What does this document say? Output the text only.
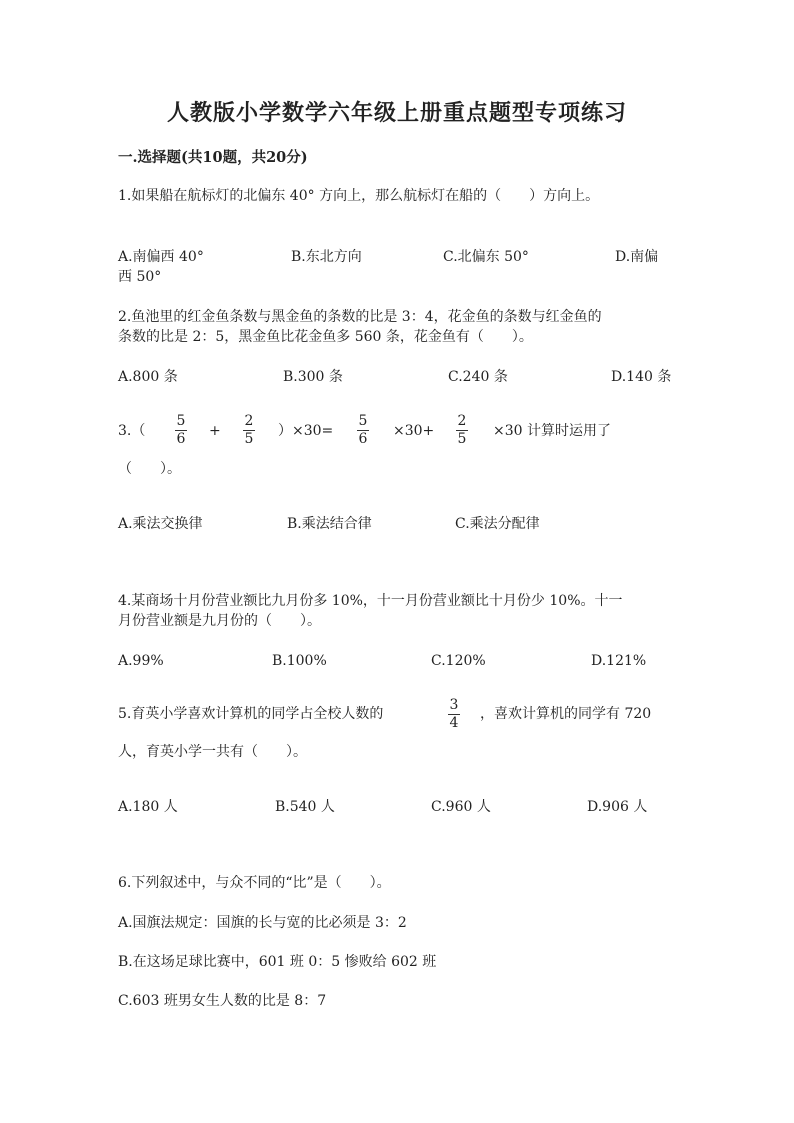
人教版小学数学六年级上册重点题型专项练习
一.选择题(共10题，共20分)
1.如果船在航标灯的北偏东 40° 方向上，那么航标灯在船的（　　）方向上。
A.南偏西 40°	B.东北方向	C.北偏东 50°	D.南偏
西 50°
2.鱼池里的红金鱼条数与黑金鱼的条数的比是 3：4，花金鱼的条数与红金鱼的
条数的比是 2：5，黑金鱼比花金鱼多 560 条，花金鱼有（　　）。
A.800 条	B.300 条	C.240 条	D.140 条
3.（
5
6 +
2
5 ）×30=
5
6 ×30+
2
5 ×30 计算时运用了
（　　）。
A.乘法交换律	B.乘法结合律	C.乘法分配律
4.某商场十月份营业额比九月份多 10%，十一月份营业额比十月份少 10%。十一
月份营业额是九月份的（　　）。
A.99%	B.100%	C.120%	D.121%
5.育英小学喜欢计算机的同学占全校人数的
3
4
，喜欢计算机的同学有 720
人，育英小学一共有（　　）。
A.180 人	B.540 人	C.960 人	D.906 人
6.下列叙述中，与众不同的“比”是（　　）。
A.国旗法规定：国旗的长与宽的比必须是 3：2
B.在这场足球比赛中，601 班 0：5 惨败给 602 班
C.603 班男女生人数的比是 8：7
